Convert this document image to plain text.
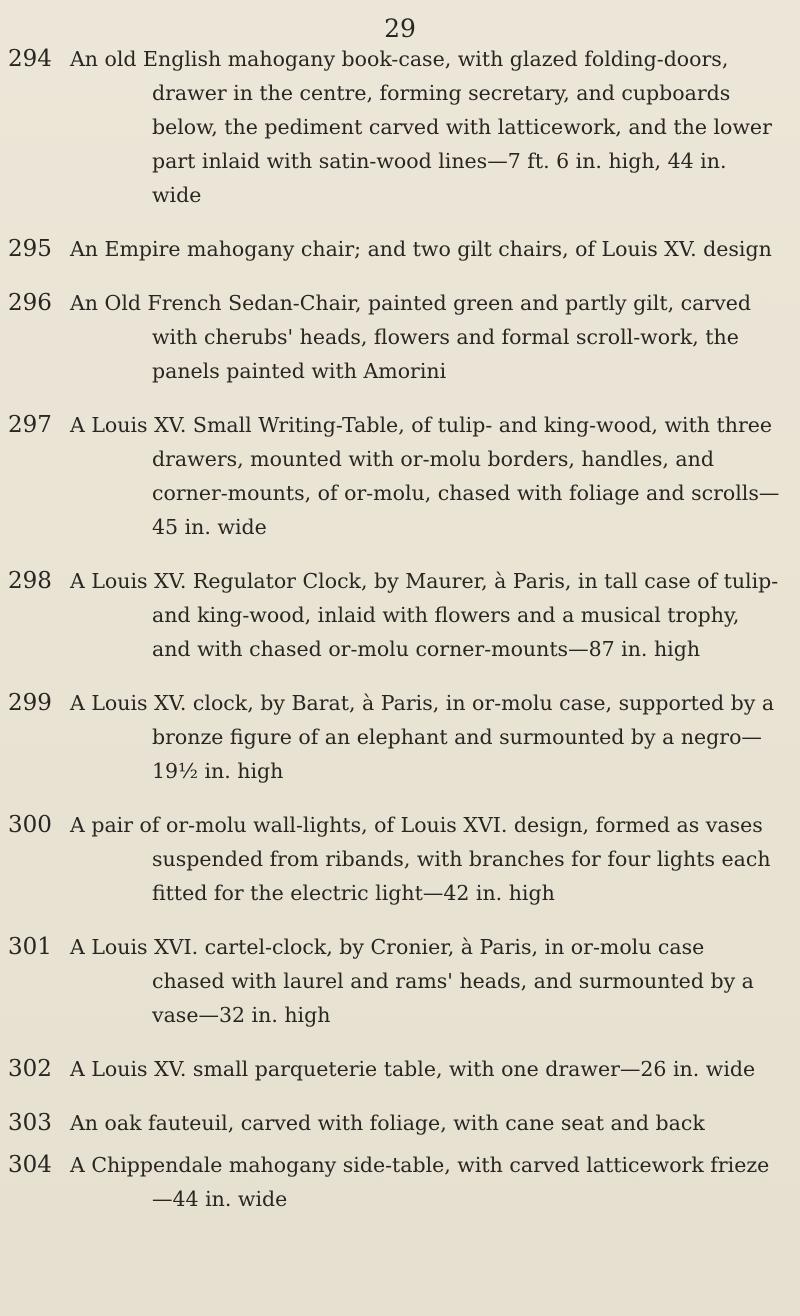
29
294 An old English mahogany book-case, with glazed folding-doors, drawer in the centre, forming secretary, and cupboards below, the pediment carved with latticework, and the lower part inlaid with satin-wood lines—7 ft. 6 in. high, 44 in. wide
295 An Empire mahogany chair; and two gilt chairs, of Louis XV. design
296 An Old French Sedan-Chair, painted green and partly gilt, carved with cherubs' heads, flowers and formal scroll-work, the panels painted with Amorini
297 A Louis XV. Small Writing-Table, of tulip- and king-wood, with three drawers, mounted with or-molu borders, handles, and corner-mounts, of or-molu, chased with foliage and scrolls—45 in. wide
298 A Louis XV. Regulator Clock, by Maurer, à Paris, in tall case of tulip- and king-wood, inlaid with flowers and a musical trophy, and with chased or-molu corner-mounts—87 in. high
299 A Louis XV. clock, by Barat, à Paris, in or-molu case, supported by a bronze figure of an elephant and surmounted by a negro—19½ in. high
300 A pair of or-molu wall-lights, of Louis XVI. design, formed as vases suspended from ribands, with branches for four lights each fitted for the electric light—42 in. high
301 A Louis XVI. cartel-clock, by Cronier, à Paris, in or-molu case chased with laurel and rams' heads, and surmounted by a vase—32 in. high
302 A Louis XV. small parqueterie table, with one drawer—26 in. wide
303 An oak fauteuil, carved with foliage, with cane seat and back
304 A Chippendale mahogany side-table, with carved latticework frieze—44 in. wide
